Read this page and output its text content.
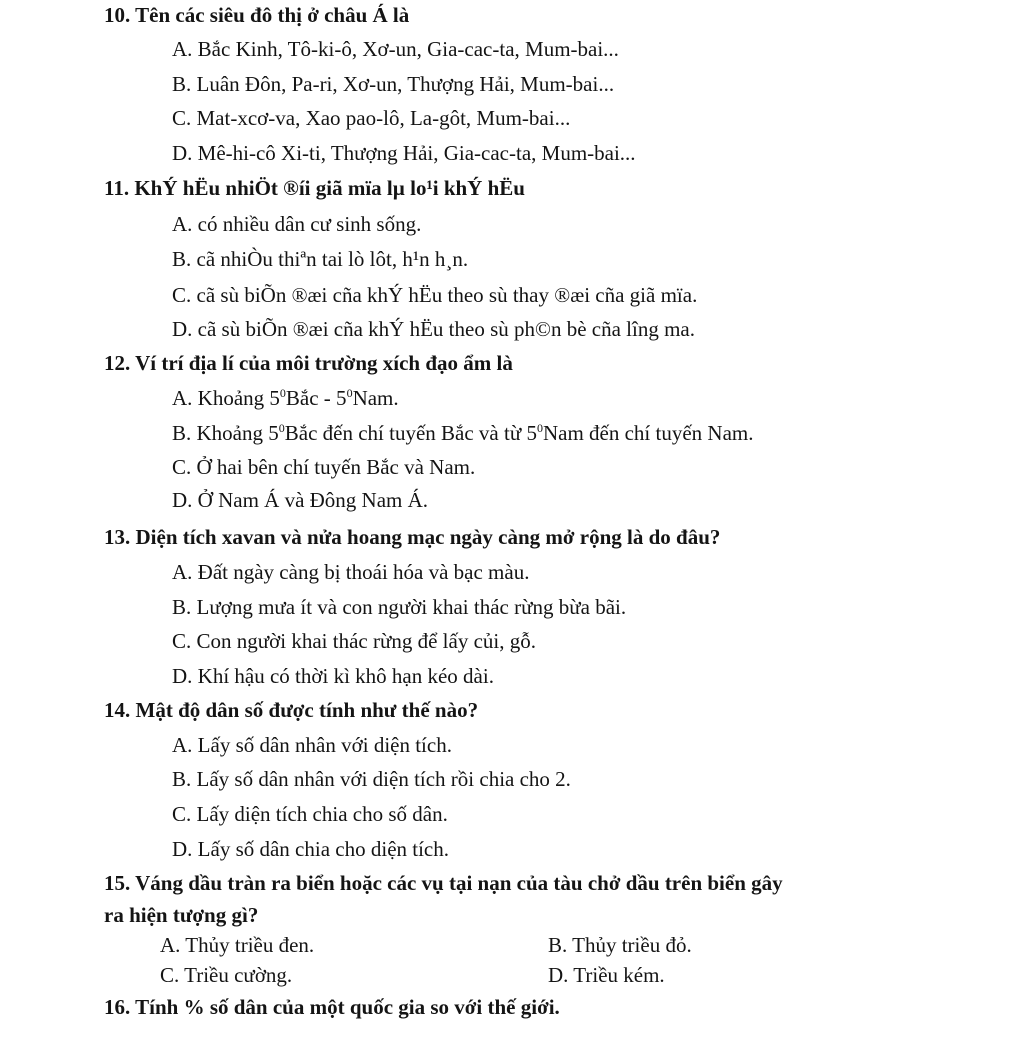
10. Tên các siêu đô thị ở châu Á là
A. Bắc Kinh, Tô-ki-ô, Xơ-un, Gia-cac-ta, Mum-bai...
B. Luân Đôn, Pa-ri, Xơ-un, Thượng Hải, Mum-bai...
C. Mat-xcơ-va, Xao pao-lô, La-gôt, Mum-bai...
D. Mê-hi-cô Xi-ti, Thượng Hải, Gia-cac-ta, Mum-bai...
11. KhÝ hËu nhiÖt ®íi giã mïa lµ lo¹i khÝ hËu
A. có nhiều dân cư sinh sống.
B. cã nhiÒu thiªn tai lò lôt, h¹n h¸n.
C. cã sù biÕn ®æi cña khÝ hËu theo sù thay ®æi cña giã mïa.
D. cã sù biÕn ®æi cña khÝ hËu theo sù ph©n bè cña lîng ma.
12. Ví trí địa lí của môi trường xích đạo ẩm là
A. Khoảng $5^0Bắc - 5^0Nam$.
B. Khoảng $5^0Bắc$ đến chí tuyến Bắc và từ $5^0Nam$ đến chí tuyến Nam.
C. Ở hai bên chí tuyến Bắc và Nam.
D. Ở Nam Á và Đông Nam Á.
13. Diện tích xavan và nửa hoang mạc ngày càng mở rộng là do đâu?
A. Đất ngày càng bị thoái hóa và bạc màu.
B. Lượng mưa ít và con người khai thác rừng bừa bãi.
C. Con người khai thác rừng để lấy củi, gỗ.
D. Khí hậu có thời kì khô hạn kéo dài.
14. Mật độ dân số được tính như thế nào?
A. Lấy số dân nhân với diện tích.
B. Lấy số dân nhân với diện tích rồi chia cho 2.
C. Lấy diện tích chia cho số dân.
D. Lấy số dân chia cho diện tích.
15. Váng dầu tràn ra biển hoặc các vụ tại nạn của tàu chở dầu trên biển gây
ra hiện tượng gì?
A. Thủy triều đen.	B. Thủy triều đỏ.
C. Triều cường.	D. Triều kém.
16. Tính % số dân của một quốc gia so với thế giới.
